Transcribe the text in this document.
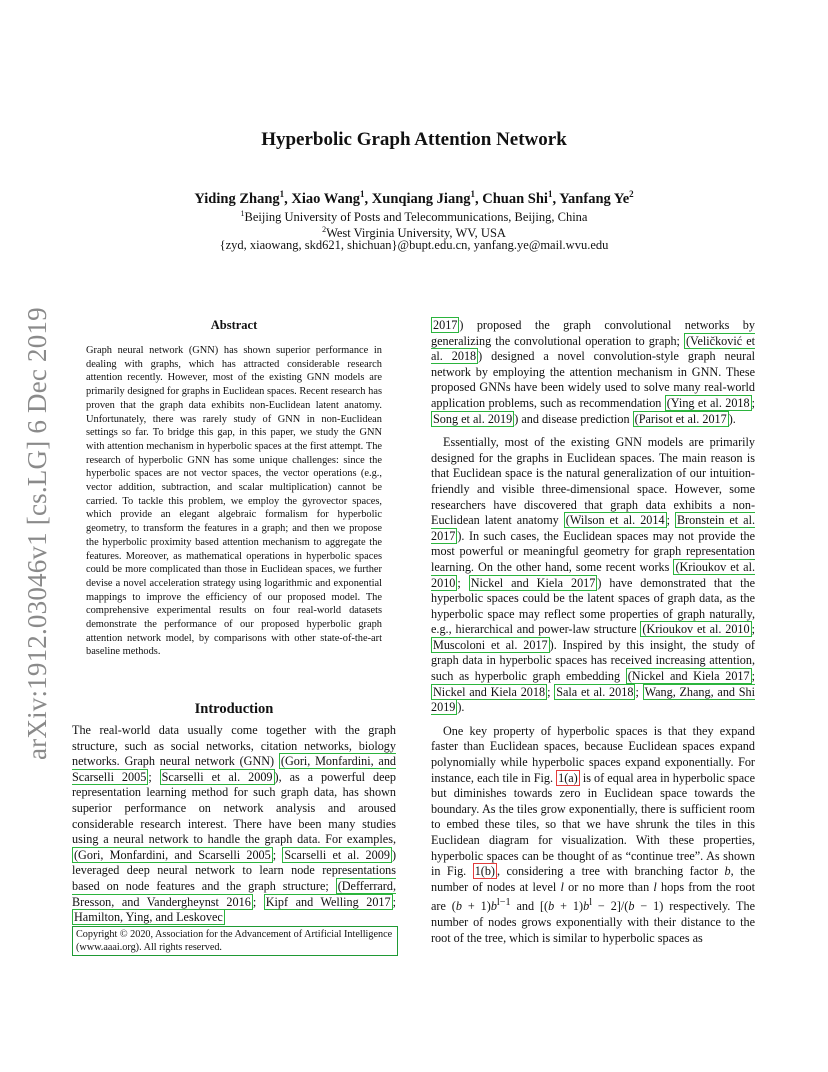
arXiv:1912.03046v1 [cs.LG] 6 Dec 2019
Hyperbolic Graph Attention Network
Yiding Zhang$^1$, Xiao Wang$^1$, Xunqiang Jiang$^1$, Chuan Shi$^1$, Yanfang Ye$^2$
$^1$Beijing University of Posts and Telecommunications, Beijing, China
$^2$West Virginia University, WV, USA
{zyd, xiaowang, skd621, shichuan}@bupt.edu.cn, yanfang.ye@mail.wvu.edu
Abstract
Graph neural network (GNN) has shown superior performance in dealing with graphs, which has attracted considerable research attention recently. However, most of the existing GNN models are primarily designed for graphs in Euclidean spaces. Recent research has proven that the graph data exhibits non-Euclidean latent anatomy. Unfortunately, there was rarely study of GNN in non-Euclidean settings so far. To bridge this gap, in this paper, we study the GNN with attention mechanism in hyperbolic spaces at the first attempt. The research of hyperbolic GNN has some unique challenges: since the hyperbolic spaces are not vector spaces, the vector operations (e.g., vector addition, subtraction, and scalar multiplication) cannot be carried. To tackle this problem, we employ the gyrovector spaces, which provide an elegant algebraic formalism for hyperbolic geometry, to transform the features in a graph; and then we propose the hyperbolic proximity based attention mechanism to aggregate the features. Moreover, as mathematical operations in hyperbolic spaces could be more complicated than those in Euclidean spaces, we further devise a novel acceleration strategy using logarithmic and exponential mappings to improve the efficiency of our proposed model. The comprehensive experimental results on four real-world datasets demonstrate the performance of our proposed hyperbolic graph attention network model, by comparisons with other state-of-the-art baseline methods.
Introduction

The real-world data usually come together with the graph structure, such as social networks, citation networks, biology networks. Graph neural network (GNN) (Gori, Monfardini, and Scarselli 2005 ; Scarselli et al. 2009 ), as a powerful deep representation learning method for such graph data, has shown superior performance on network analysis and aroused considerable research interest. There have been many studies using a neural network to handle the graph data. For examples, (Gori, Monfardini, and Scarselli 2005 ; Scarselli et al. 2009 ) leveraged deep neural network to learn node representations based on node features and the graph structure; (Defferrard, Bresson, and Vandergheynst 2016 ; Kipf and Welling 2017 ; Hamilton, Ying, and Leskovec

Copyright © 2020, Association for the Advancement of Artificial Intelligence (www.aaai.org). All rights reserved.

2017 ) proposed the graph convolutional networks by generalizing the convolutional operation to graph; (Veličković et al. 2018 ) designed a novel convolution-style graph neural network by employing the attention mechanism in GNN. These proposed GNNs have been widely used to solve many real-world application problems, such as recommendation (Ying et al. 2018 ; Song et al. 2019 ) and disease prediction (Parisot et al. 2017 ).

Essentially, most of the existing GNN models are primarily designed for the graphs in Euclidean spaces. The main reason is that Euclidean space is the natural generalization of our intuition-friendly and visible three-dimensional space. However, some researchers have discovered that graph data exhibits a non-Euclidean latent anatomy (Wilson et al. 2014 ; Bronstein et al. 2017 ). In such cases, the Euclidean spaces may not provide the most powerful or meaningful geometry for graph representation learning. On the other hand, some recent works (Krioukov et al. 2010 ; Nickel and Kiela 2017 ) have demonstrated that the hyperbolic spaces could be the latent spaces of graph data, as the hyperbolic space may reflect some properties of graph naturally, e.g., hierarchical and power-law structure (Krioukov et al. 2010 ; Muscoloni et al. 2017 ). Inspired by this insight, the study of graph data in hyperbolic spaces has received increasing attention, such as hyperbolic graph embedding (Nickel and Kiela 2017 ; Nickel and Kiela 2018 ; Sala et al. 2018 ; Wang, Zhang, and Shi 2019 ).

One key property of hyperbolic spaces is that they expand faster than Euclidean spaces, because Euclidean spaces expand polynomially while hyperbolic spaces expand exponentially. For instance, each tile in Fig. 1(a) is of equal area in hyperbolic space but diminishes towards zero in Euclidean space towards the boundary. As the tiles grow exponentially, there is sufficient room to embed these tiles, so that we have shrunk the tiles in this Euclidean diagram for visualization. With these properties, hyperbolic spaces can be thought of as “continue tree”. As shown in Fig. 1(b) , considering a tree with branching factor b, the number of nodes at level l or no more than l hops from the root are $(b + 1)b^{l-1}$ and $[(b + 1)b^l - 2]/(b - 1)$ respectively. The number of nodes grows exponentially with their distance to the root of the tree, which is similar to hyperbolic spaces as
